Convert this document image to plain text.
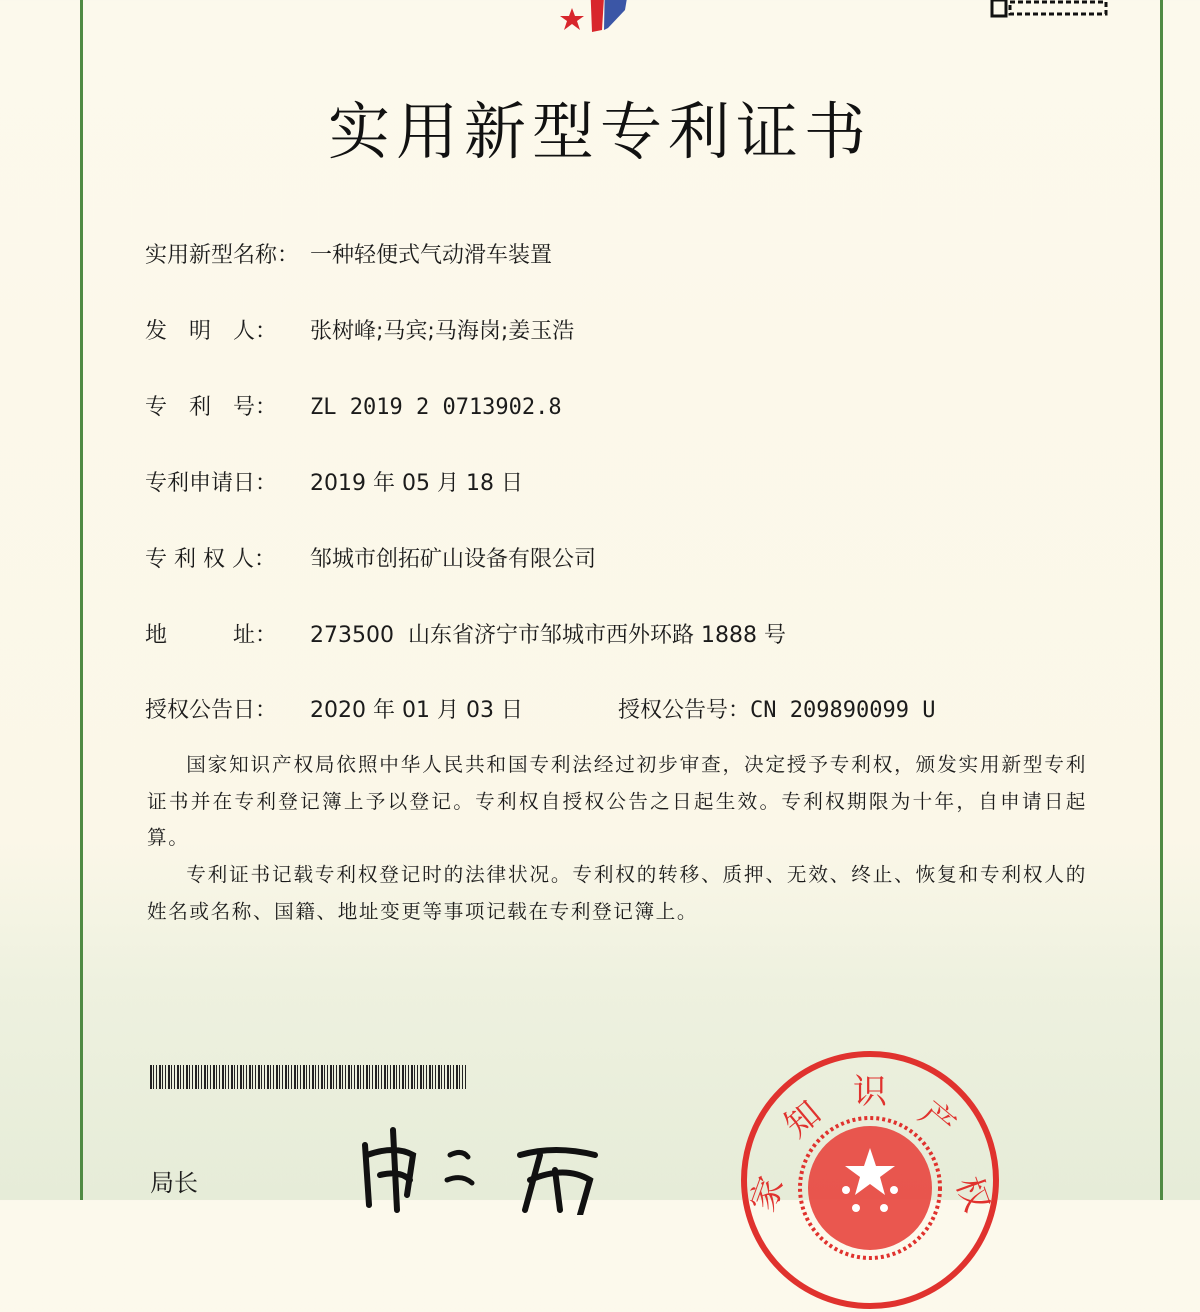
实用新型专利证书
实用新型名称： 一种轻便式气动滑车装置
发　明　人： 张树峰;马宾;马海岗;姜玉浩
专　利　号： ZL 2019 2 0713902.8
专利申请日： 2019 年 05 月 18 日
专 利 权 人： 邹城市创拓矿山设备有限公司
地　　　址： 273500  山东省济宁市邹城市西外环路 1888 号
授权公告日： 2020 年 01 月 03 日	授权公告号：CN 209890099 U
国家知识产权局依照中华人民共和国专利法经过初步审查，决定授予专利权，颁发实用新型专利证书并在专利登记簿上予以登记。专利权自授权公告之日起生效。专利权期限为十年，自申请日起算。
专利证书记载专利权登记时的法律状况。专利权的转移、质押、无效、终止、恢复和专利权人的姓名或名称、国籍、地址变更等事项记载在专利登记簿上。
局长	家
知
识
产
权
